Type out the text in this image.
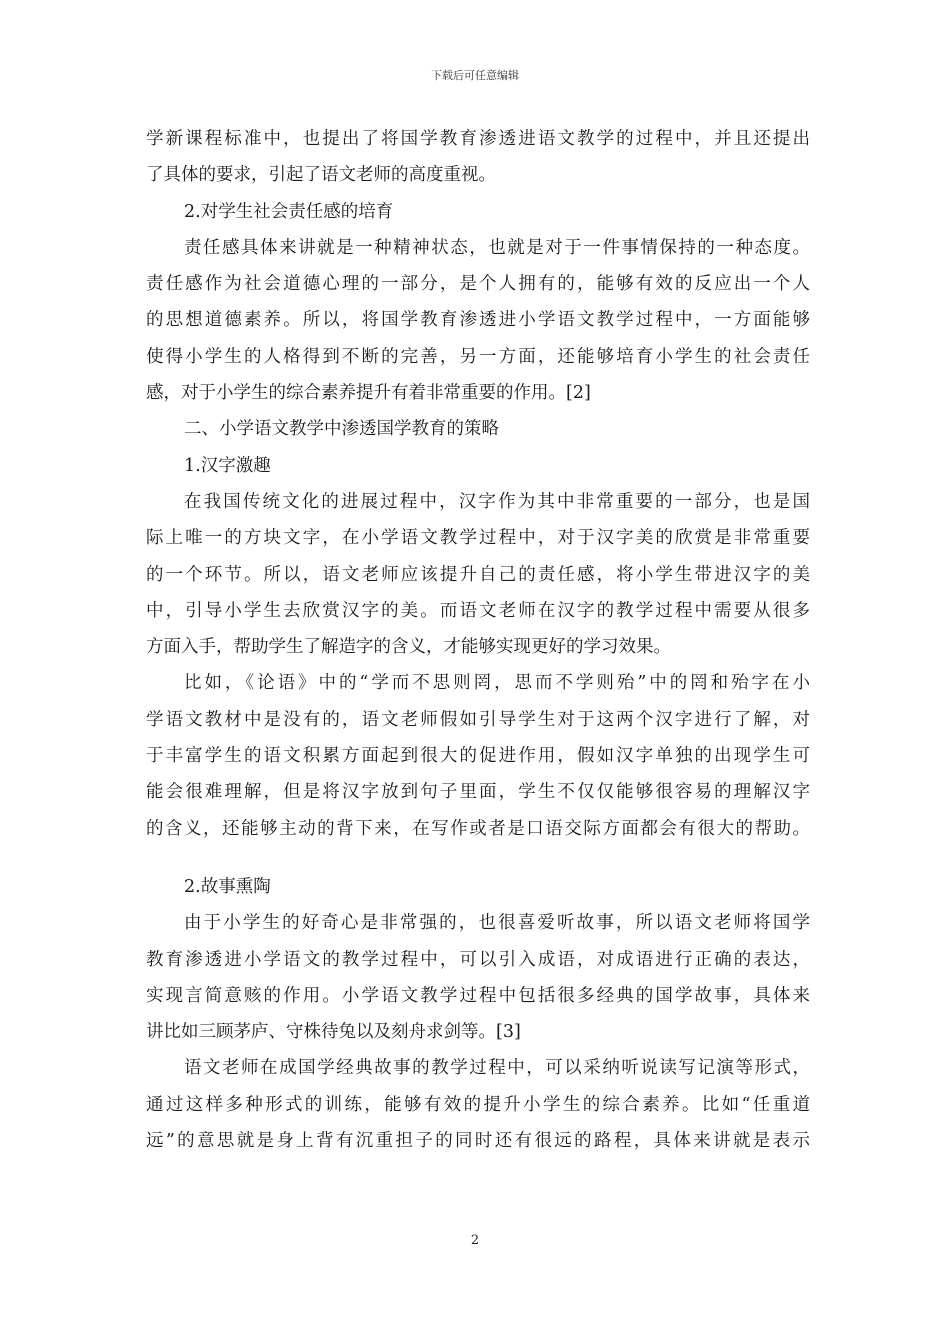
下载后可任意编辑
学新课程标准中，也提出了将国学教育渗透进语文教学的过程中，并且还提出
了具体的要求，引起了语文老师的高度重视。
2.对学生社会责任感的培育
责任感具体来讲就是一种精神状态，也就是对于一件事情保持的一种态度。
责任感作为社会道德心理的一部分，是个人拥有的，能够有效的反应出一个人
的思想道德素养。所以，将国学教育渗透进小学语文教学过程中，一方面能够
使得小学生的人格得到不断的完善，另一方面，还能够培育小学生的社会责任
感，对于小学生的综合素养提升有着非常重要的作用。[2]
二、小学语文教学中渗透国学教育的策略
1.汉字激趣
在我国传统文化的进展过程中，汉字作为其中非常重要的一部分，也是国
际上唯一的方块文字，在小学语文教学过程中，对于汉字美的欣赏是非常重要
的一个环节。所以，语文老师应该提升自己的责任感，将小学生带进汉字的美
中，引导小学生去欣赏汉字的美。而语文老师在汉字的教学过程中需要从很多
方面入手，帮助学生了解造字的含义，才能够实现更好的学习效果。
比如，《论语》中的“学而不思则罔，思而不学则殆”中的罔和殆字在小
学语文教材中是没有的，语文老师假如引导学生对于这两个汉字进行了解，对
于丰富学生的语文积累方面起到很大的促进作用，假如汉字单独的出现学生可
能会很难理解，但是将汉字放到句子里面，学生不仅仅能够很容易的理解汉字
的含义，还能够主动的背下来，在写作或者是口语交际方面都会有很大的帮助。
2.故事熏陶
由于小学生的好奇心是非常强的，也很喜爱听故事，所以语文老师将国学
教育渗透进小学语文的教学过程中，可以引入成语，对成语进行正确的表达，
实现言简意赅的作用。小学语文教学过程中包括很多经典的国学故事，具体来
讲比如三顾茅庐、守株待兔以及刻舟求剑等。[3]
语文老师在成国学经典故事的教学过程中，可以采纳听说读写记演等形式，
通过这样多种形式的训练，能够有效的提升小学生的综合素养。比如“任重道
远”的意思就是身上背有沉重担子的同时还有很远的路程，具体来讲就是表示
2
